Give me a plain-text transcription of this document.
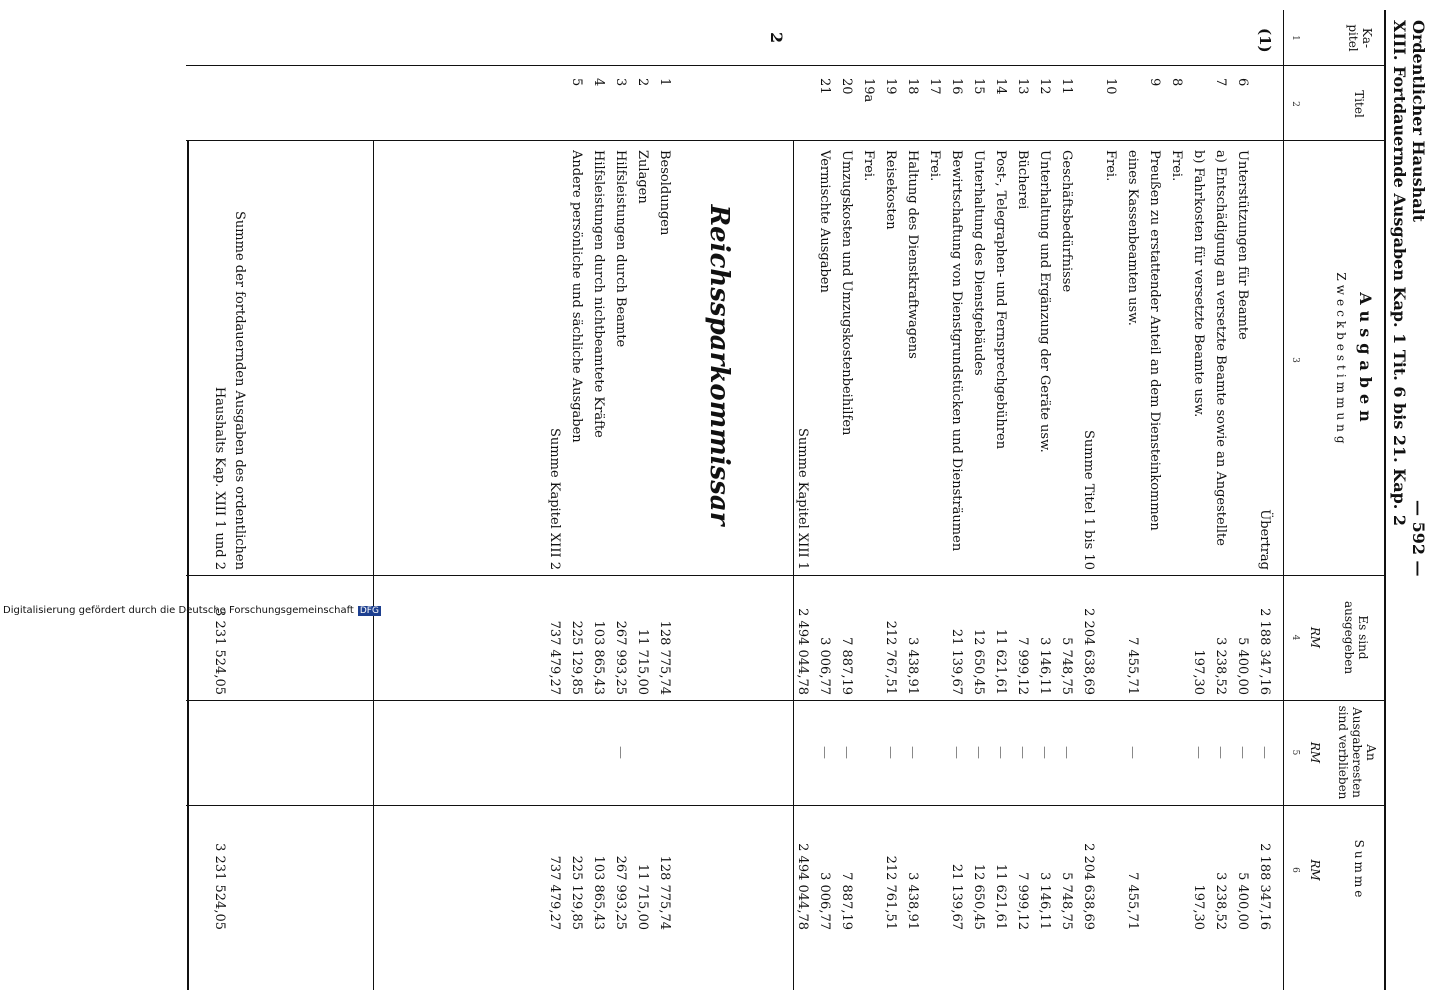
Ordentlicher Haushalt
XIII. Fortdauernde Ausgaben Kap. 1 Tit. 6 bis 21. Kap. 2
— 592 —
Ka-
pitel
Titel
Ausgaben
Zweckbestimmung
Es sind
ausgegeben
An
Ausgaberesten
sind verblieben
Summe
RM
RM
RM
1
2
3
4
5
6
(1)
Übertrag
2 188 347,16
—
2 188 347,16
6
Unterstützungen für Beamte
5 400,00
—
5 400,00
7
a) Entschädigung an versetzte Beamte sowie an Angestellte
3 238,52
—
3 238,52
b) Fahrkosten für versetzte Beamte usw.
197,30
—
197,30
8
Frei.
9
Preußen zu erstattender Anteil an dem Diensteinkommen
eines Kassenbeamten usw.
7 455,71
—
7 455,71
10
Frei.
Summe Titel 1 bis 10
2 204 638,69
2 204 638,69
11
Geschäftsbedürfnisse
5 748,75
—
5 748,75
12
Unterhaltung und Ergänzung der Geräte usw.
3 146,11
—
3 146,11
13
Bücherei
7 999,12
—
7 999,12
14
Post-, Telegraphen- und Fernsprechgebühren
11 621,61
—
11 621,61
15
Unterhaltung des Dienstgebäudes
12 650,45
—
12 650,45
16
Bewirtschaftung von Dienstgrundstücken und Diensträumen
21 139,67
—
21 139,67
17
Frei.
18
Haltung des Dienstkraftwagens
3 438,91
—
3 438,91
19
Reisekosten
212 767,51
—
212 761,51
19a
Frei.
20
Umzugskosten und Umzugskostenbeihilfen
7 887,19
—
7 887,19
21
Vermischte Ausgaben
3 006,77
—
3 006,77
Summe Kapitel XIII 1
2 494 044,78
2 494 044,78
2
Reichssparkommissar
1
Besoldungen
128 775,74
128 775,74
2
Zulagen
11 715,00
11 715,00
3
Hilfsleistungen durch Beamte
267 993,25
—
267 993,25
4
Hilfsleistungen durch nichtbeamtete Kräfte
103 865,43
103 865,43
5
Andere persönliche und sächliche Ausgaben
225 129,85
225 129,85
Summe Kapitel XIII 2
737 479,27
737 479,27
Summe der fortdauernden Ausgaben des ordentlichen
Haushalts Kap. XIII 1 und 2
3 231 524,05
3 231 524,05
Digitalisierung gefördert durch die Deutsche Forschungsgemeinschaft DFG
